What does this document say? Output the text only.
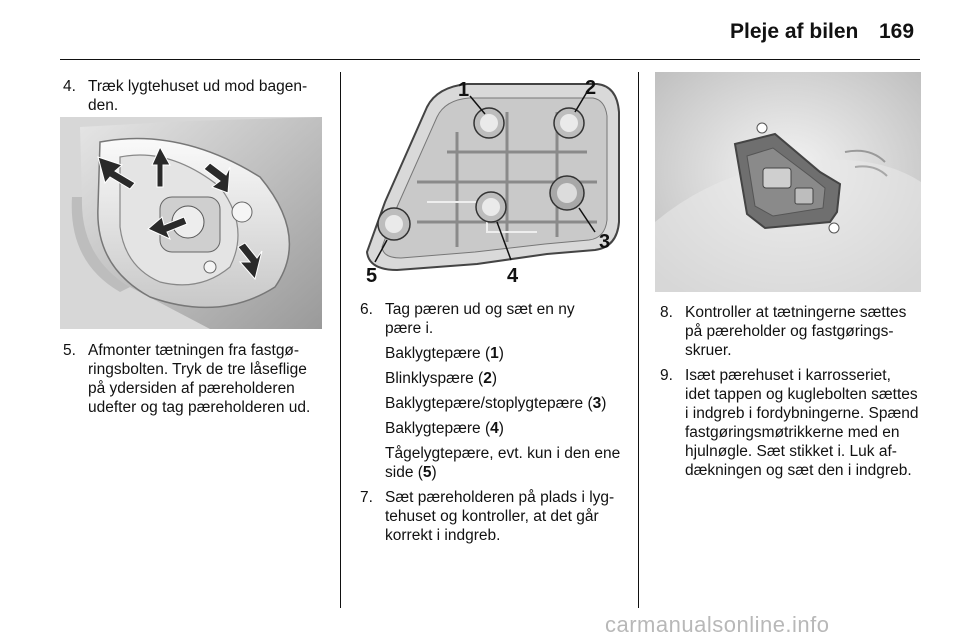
Pleje af bilen 169
4. Træk lygtehuset ud mod bagen-
den.
5. Afmonter tætningen fra fastgø-
ringsbolten. Tryk de tre låseflige
på ydersiden af pæreholderen
udefter og tag pæreholderen ud.
1	2
3
4
5
6. Tag pæren ud og sæt en ny
pære i.
Baklygtepære (1)
Blinklyspære (2)
Baklygtepære/stoplygtepære (3)
Baklygtepære (4)
Tågelygtepære, evt. kun i den ene
side (5)
7. Sæt pæreholderen på plads i lyg-
tehuset og kontroller, at det går
korrekt i indgreb.
8. Kontroller at tætningerne sættes
på pæreholder og fastgørings-
skruer.
9. Isæt pærehuset i karrosseriet,
idet tappen og kuglebolten sættes
i indgreb i fordybningerne. Spænd
fastgøringsmøtrikkerne med en
hjulnøgle. Sæt stikket i. Luk af-
dækningen og sæt den i indgreb.
carmanualsonline.info
